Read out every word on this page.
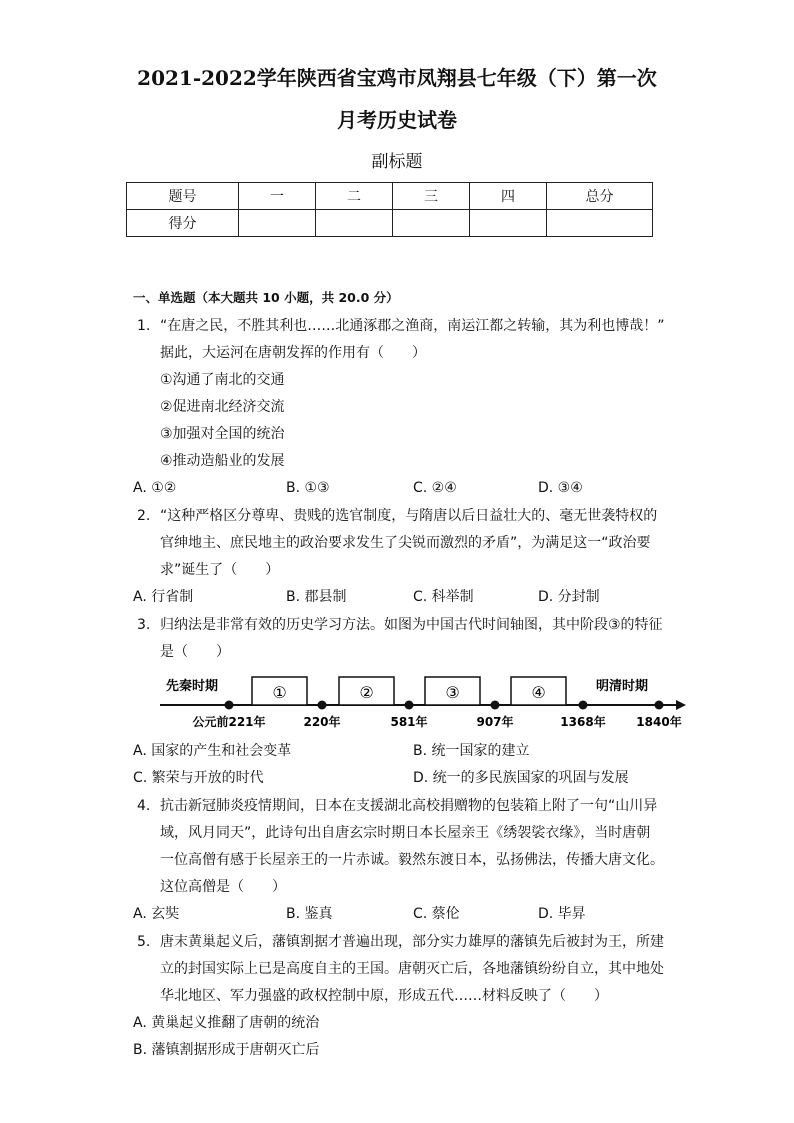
2021-2022学年陕西省宝鸡市凤翔县七年级（下）第一次
月考历史试卷
副标题
题号	一	二	三	四	总分
得分					
一、单选题（本大题共 10 小题，共 20.0 分）
1. “在唐之民，不胜其利也……北通涿郡之渔商，南运江都之转输，其为利也博哉！”
据此，大运河在唐朝发挥的作用有（　　）
①沟通了南北的交通
②促进南北经济交流
③加强对全国的统治
④推动造船业的发展
A. ①②	B. ①③	C. ②④	D. ③④
2. “这种严格区分尊卑、贵贱的选官制度，与隋唐以后日益壮大的、毫无世袭特权的
官绅地主、庶民地主的政治要求发生了尖锐而激烈的矛盾”，为满足这一“政治要
求”诞生了（　　）
A. 行省制	B. 郡县制	C. 科举制	D. 分封制
3. 归纳法是非常有效的历史学习方法。如图为中国古代时间轴图，其中阶段③的特征
是（　　）
先秦时期	明清时期
①	②	③	④
公元前221年	220年	581年	907年	1368年	1840年
A. 国家的产生和社会变革	B. 统一国家的建立
C. 繁荣与开放的时代	D. 统一的多民族国家的巩固与发展
4. 抗击新冠肺炎疫情期间，日本在支援湖北高校捐赠物的包装箱上附了一句“山川异
域，风月同天”，此诗句出自唐玄宗时期日本长屋亲王《绣袈裟衣缘》，当时唐朝
一位高僧有感于长屋亲王的一片赤诚。毅然东渡日本，弘扬佛法，传播大唐文化。
这位高僧是（　　）
A. 玄奘	B. 鉴真	C. 蔡伦	D. 毕昇
5. 唐末黄巢起义后，藩镇割据才普遍出现，部分实力雄厚的藩镇先后被封为王，所建
立的封国实际上已是高度自主的王国。唐朝灭亡后，各地藩镇纷纷自立，其中地处
华北地区、军力强盛的政权控制中原，形成五代……材料反映了（　　）
A. 黄巢起义推翻了唐朝的统治
B. 藩镇割据形成于唐朝灭亡后
